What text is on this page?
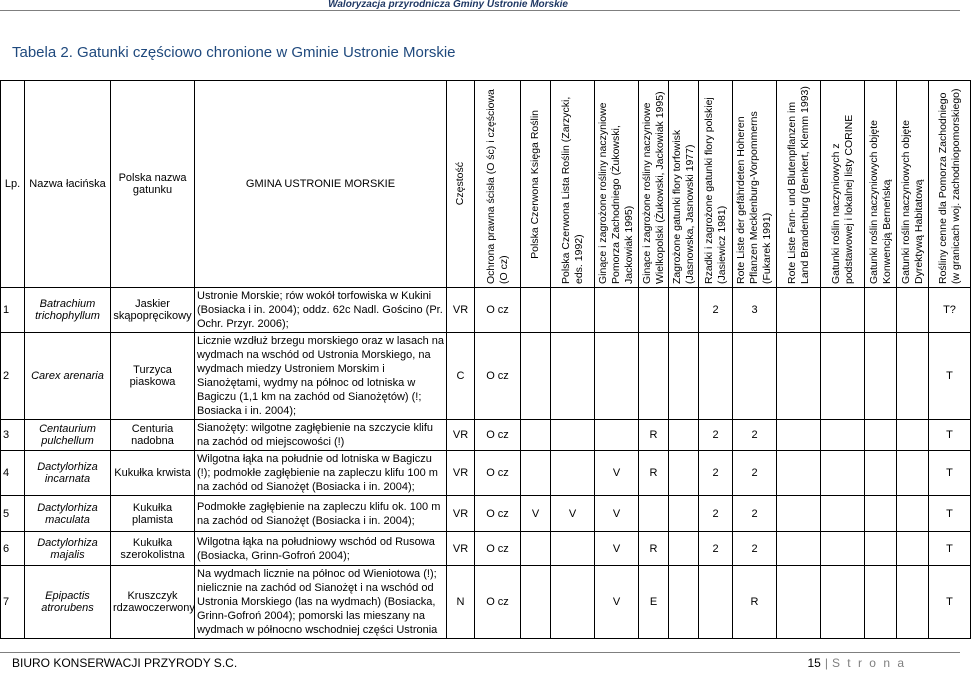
Waloryzacja przyrodnicza Gminy Ustronie Morskie
Tabela 2. Gatunki częściowo chronione w Gminie Ustronie Morskie
Lp.	Nazwa łacińska	Polska nazwa gatunku	GMINA USTRONIE MORSKIE	Częstość	Ochrona prawna ścisła (O śc) i częściowa (O cz)	Polska Czerwona Księga Roślin	Polska Czerwona Lista Roślin (Zarzycki, eds. 1992)	Ginące i zagrożone rośliny naczyniowe Pomorza Zachodniego (Żukowski, Jackowiak 1995)	Ginące i zagrożone rośliny naczyniowe Wielkopolski (Żukowski, Jackowiak 1995)	Zagrożone gatunki flory torfowisk (Jasnowska, Jasnowski 1977)	Rzadki i zagrożone gatunki flory polskiej (Jasiewicz 1981)	Rote Liste der gefährdeten Hoheren Pflanzen Mecklenburg-Vorpommerns (Fukarek 1991)	Rote Liste Farn- und Blutenpflanzen im Land Brandenburg (Benkert, Klemm 1993)	Gatunki roślin naczyniowych z podstawowej i lokalnej listy CORINE	Gatunki roślin naczyniowych objęte Konwencją Berneńską	Gatunki roślin naczyniowych objęte Dyrektywą Habitatową	Rośliny cenne dla Pomorza Zachodniego (w granicach woj. zachodniopomorskiego)

1	Batrachium trichophyllum	Jaskier skąpopręcikowy	Ustronie Morskie; rów wokół torfowiska w Kukini (Bosiacka i in. 2004); oddz. 62c Nadl. Gościno (Pr. Ochr. Przyr. 2006);	VR	O cz						2	3					T?
2	Carex arenaria	Turzyca piaskowa	Licznie wzdłuż brzegu morskiego oraz w lasach na wydmach na wschód od Ustronia Morskiego, na wydmach miedzy Ustroniem Morskim i Sianożętami, wydmy na północ od lotniska w Bagiczu (1,1 km na zachód od Sianożętów) (!; Bosiacka i in. 2004);	C	O cz												T
3	Centaurium pulchellum	Centuria nadobna	Sianożęty: wilgotne zagłębienie na szczycie klifu na zachód od miejscowości (!)	VR	O cz				R		2	2					T
4	Dactylorhiza incarnata	Kukułka krwista	Wilgotna łąka na południe od lotniska w Bagiczu (!); podmokłe zagłębienie na zapleczu klifu 100 m na zachód od Sianożęt (Bosiacka i in. 2004);	VR	O cz			V	R		2	2					T
5	Dactylorhiza maculata	Kukułka plamista	Podmokłe zagłębienie na zapleczu klifu ok. 100 m na zachód od Sianożęt (Bosiacka i in. 2004);	VR	O cz	V	V	V			2	2					T
6	Dactylorhiza majalis	Kukułka szerokolistna	Wilgotna łąka na południowy wschód od Rusowa (Bosiacka, Grinn-Gofroń 2004);	VR	O cz			V	R		2	2					T
7	Epipactis atrorubens	Kruszczyk rdzawoczerwony	Na wydmach licznie na północ od Wieniotowa (!); nielicznie na zachód od Sianożęt i na wschód od Ustronia Morskiego (las na wydmach) (Bosiacka, Grinn-Gofroń 2004); pomorski las mieszany na wydmach w północno wschodniej części Ustronia	N	O cz			V	E			R					T
BIURO KONSERWACJI PRZYRODY S.C.	15 | S t r o n a
